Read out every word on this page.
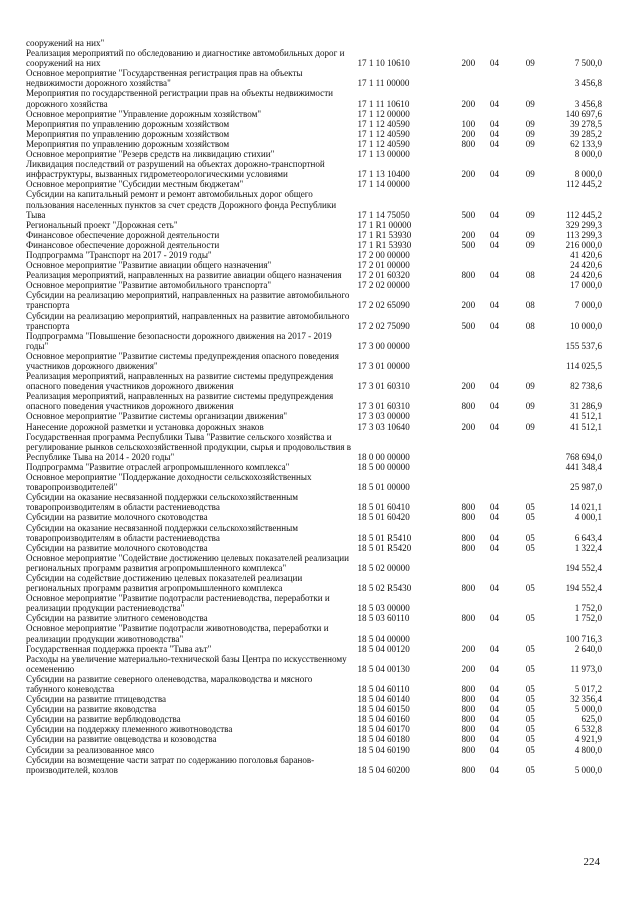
сооружений на них"
Реализация мероприятий по обследованию и диагностике автомобильных дорог и сооружений на них	17 1 10 10610	200	04	09	7 500,0
Основное мероприятие "Государственная регистрация прав на объекты недвижимости дорожного хозяйства"	17 1 11 00000	3 456,8
Мероприятия по государственной регистрации прав на объекты недвижимости дорожного хозяйства	17 1 11 10610	200	04	09	3 456,8
Основное мероприятие "Управление дорожным хозяйством"	17 1 12 00000	140 697,6
Мероприятия по управлению дорожным хозяйством	17 1 12 40590	100	04	09	39 278,5
Мероприятия по управлению дорожным хозяйством	17 1 12 40590	200	04	09	39 285,2
Мероприятия по управлению дорожным хозяйством	17 1 12 40590	800	04	09	62 133,9
Основное мероприятие "Резерв средств на ликвидацию стихии"	17 1 13 00000	8 000,0
Ликвидация последствий от разрушений на объектах дорожно-транспортной инфраструктуры, вызванных гидрометеорологическими условиями	17 1 13 10400	200	04	09	8 000,0
Основное мероприятие "Субсидии местным бюджетам"	17 1 14 00000	112 445,2
Субсидии на капитальный ремонт и ремонт автомобильных дорог общего пользования населенных пунктов за счет средств Дорожного фонда Республики Тыва	17 1 14 75050	500	04	09	112 445,2
Региональный проект "Дорожная сеть"	17 1 R1 00000	329 299,3
Финансовое обеспечение дорожной деятельности	17 1 R1 53930	200	04	09	113 299,3
Финансовое обеспечение дорожной деятельности	17 1 R1 53930	500	04	09	216 000,0
Подпрограмма "Транспорт на 2017 - 2019 годы"	17 2 00 00000	41 420,6
Основное мероприятие "Развитие авиации общего назначения"	17 2 01 00000	24 420,6
Реализация мероприятий, направленных на развитие авиации общего назначения	17 2 01 60320	800	04	08	24 420,6
Основное мероприятие "Развитие автомобильного транспорта"	17 2 02 00000	17 000,0
Субсидии на реализацию мероприятий, направленных на развитие автомобильного транспорта	17 2 02 65090	200	04	08	7 000,0
Субсидии на реализацию мероприятий, направленных на развитие автомобильного транспорта	17 2 02 75090	500	04	08	10 000,0
Подпрограмма "Повышение безопасности дорожного движения на 2017 - 2019 годы"	17 3 00 00000	155 537,6
Основное мероприятие "Развитие системы предупреждения опасного поведения участников дорожного движения"	17 3 01 00000	114 025,5
Реализация мероприятий, направленных на развитие системы предупреждения опасного поведения участников дорожного движения	17 3 01 60310	200	04	09	82 738,6
Реализация мероприятий, направленных на развитие системы предупреждения опасного поведения участников дорожного движения	17 3 01 60310	800	04	09	31 286,9
Основное мероприятие "Развитие системы организации движения"	17 3 03 00000	41 512,1
Нанесение дорожной разметки и установка дорожных знаков	17 3 03 10640	200	04	09	41 512,1
Государственная программа Республики Тыва "Развитие сельского хозяйства и регулирование рынков сельскохозяйственной продукции, сырья и продовольствия в Республике Тыва на 2014 - 2020 годы"	18 0 00 00000	768 694,0
Подпрограмма "Развитие отраслей агропромышленного комплекса"	18 5 00 00000	441 348,4
Основное мероприятие "Поддержание доходности сельскохозяйственных товаропроизводителей"	18 5 01 00000	25 987,0
Субсидии на оказание несвязанной поддержки сельскохозяйственным товаропроизводителям в области растениеводства	18 5 01 60410	800	04	05	14 021,1
Субсидии на развитие молочного скотоводства	18 5 01 60420	800	04	05	4 000,1
Субсидии на оказание несвязанной поддержки сельскохозяйственным товаропроизводителям в области растениеводства	18 5 01 R5410	800	04	05	6 643,4
Субсидии на развитие молочного скотоводства	18 5 01 R5420	800	04	05	1 322,4
Основное мероприятие "Содействие достижению целевых показателей реализации региональных программ развития агропромышленного комплекса"	18 5 02 00000	194 552,4
Субсидии на содействие достижению целевых показателей реализации региональных программ развития агропромышленного комплекса	18 5 02 R5430	800	04	05	194 552,4
Основное мероприятие "Развитие подотрасли растениеводства, переработки и реализации продукции растениеводства"	18 5 03 00000	1 752,0
Субсидии на развитие элитного семеноводства	18 5 03 60110	800	04	05	1 752,0
Основное мероприятие "Развитие подотрасли животноводства, переработки и реализации продукции животноводства"	18 5 04 00000	100 716,3
Государственная поддержка проекта "Тыва аът"	18 5 04 00120	200	04	05	2 640,0
Расходы на увеличение материально-технической базы Центра по искусственному осеменению	18 5 04 00130	200	04	05	11 973,0
Субсидии на развитие северного оленеводства, маралководства и мясного табунного коневодства	18 5 04 60110	800	04	05	5 017,2
Субсидии на развитие птицеводства	18 5 04 60140	800	04	05	32 356,4
Субсидии на развитие яководства	18 5 04 60150	800	04	05	5 000,0
Субсидии на развитие верблюдоводства	18 5 04 60160	800	04	05	625,0
Субсидии на поддержку племенного животноводства	18 5 04 60170	800	04	05	6 532,8
Субсидии на развитие овцеводства и козоводства	18 5 04 60180	800	04	05	4 921,9
Субсидии за реализованное мясо	18 5 04 60190	800	04	05	4 800,0
Субсидии на возмещение части затрат по содержанию поголовья баранов-производителей, козлов	18 5 04 60200	800	04	05	5 000,0
224
